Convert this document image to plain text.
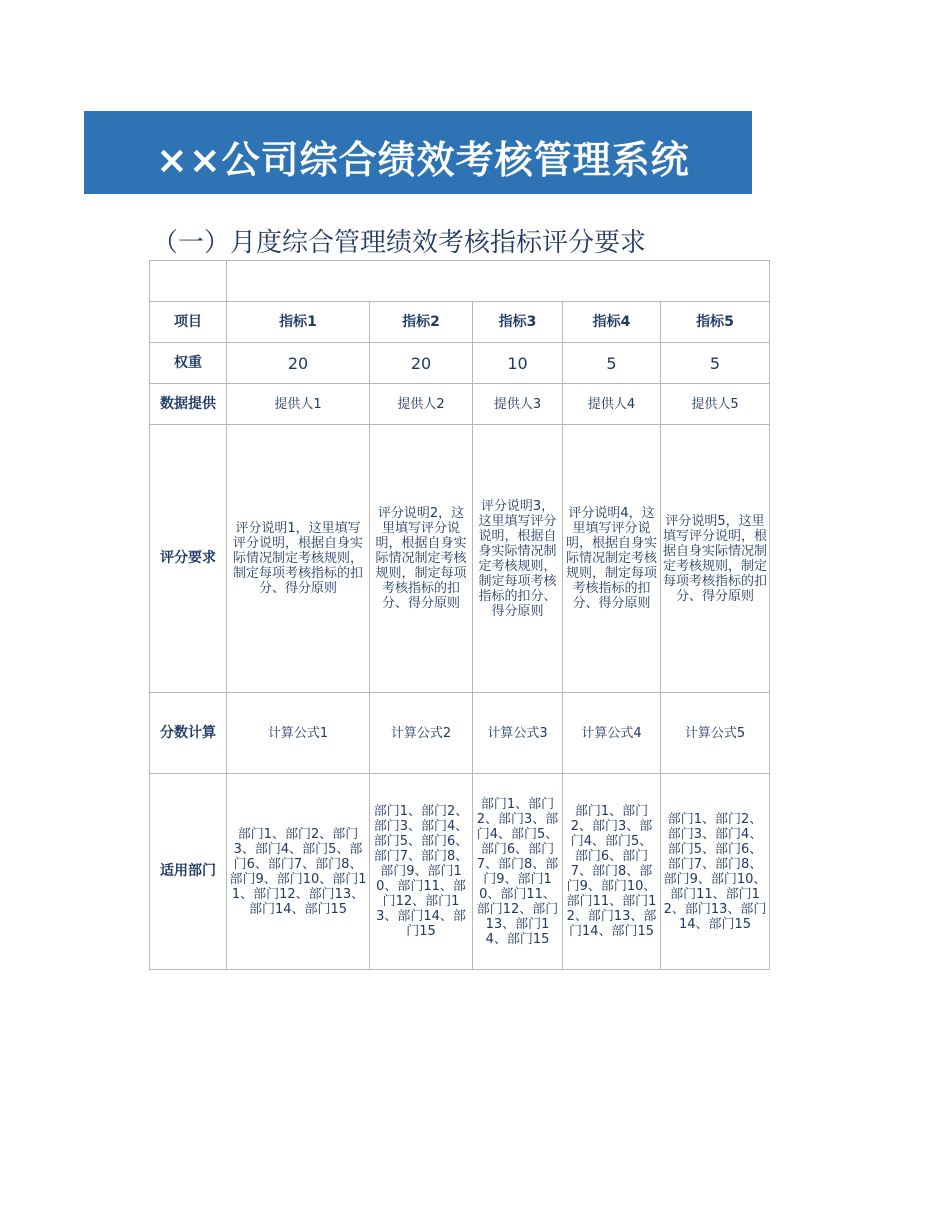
××公司综合绩效考核管理系统
（一）月度综合管理绩效考核指标评分要求

项目	指标1	指标2	指标3	指标4	指标5
权重	20	20	10	5	5
数据提供	提供人1	提供人2	提供人3	提供人4	提供人5
评分要求	评分说明1，这里填写评分说明，根据自身实际情况制定考核规则，制定每项考核指标的扣分、得分原则	评分说明2，这里填写评分说明，根据自身实际情况制定考核规则，制定每项考核指标的扣分、得分原则	评分说明3，这里填写评分说明，根据自身实际情况制定考核规则，制定每项考核指标的扣分、得分原则	评分说明4，这里填写评分说明，根据自身实际情况制定考核规则，制定每项考核指标的扣分、得分原则	评分说明5，这里填写评分说明，根据自身实际情况制定考核规则，制定每项考核指标的扣分、得分原则
分数计算	计算公式1	计算公式2	计算公式3	计算公式4	计算公式5
适用部门	部门1、部门2、部门3、部门4、部门5、部门6、部门7、部门8、部门9、部门10、部门11、部门12、部门13、部门14、部门15	部门1、部门2、部门3、部门4、部门5、部门6、部门7、部门8、部门9、部门10、部门11、部门12、部门13、部门14、部门15	部门1、部门2、部门3、部门4、部门5、部门6、部门7、部门8、部门9、部门10、部门11、部门12、部门13、部门14、部门15	部门1、部门2、部门3、部门4、部门5、部门6、部门7、部门8、部门9、部门10、部门11、部门12、部门13、部门14、部门15	部门1、部门2、部门3、部门4、部门5、部门6、部门7、部门8、部门9、部门10、部门11、部门12、部门13、部门14、部门15
